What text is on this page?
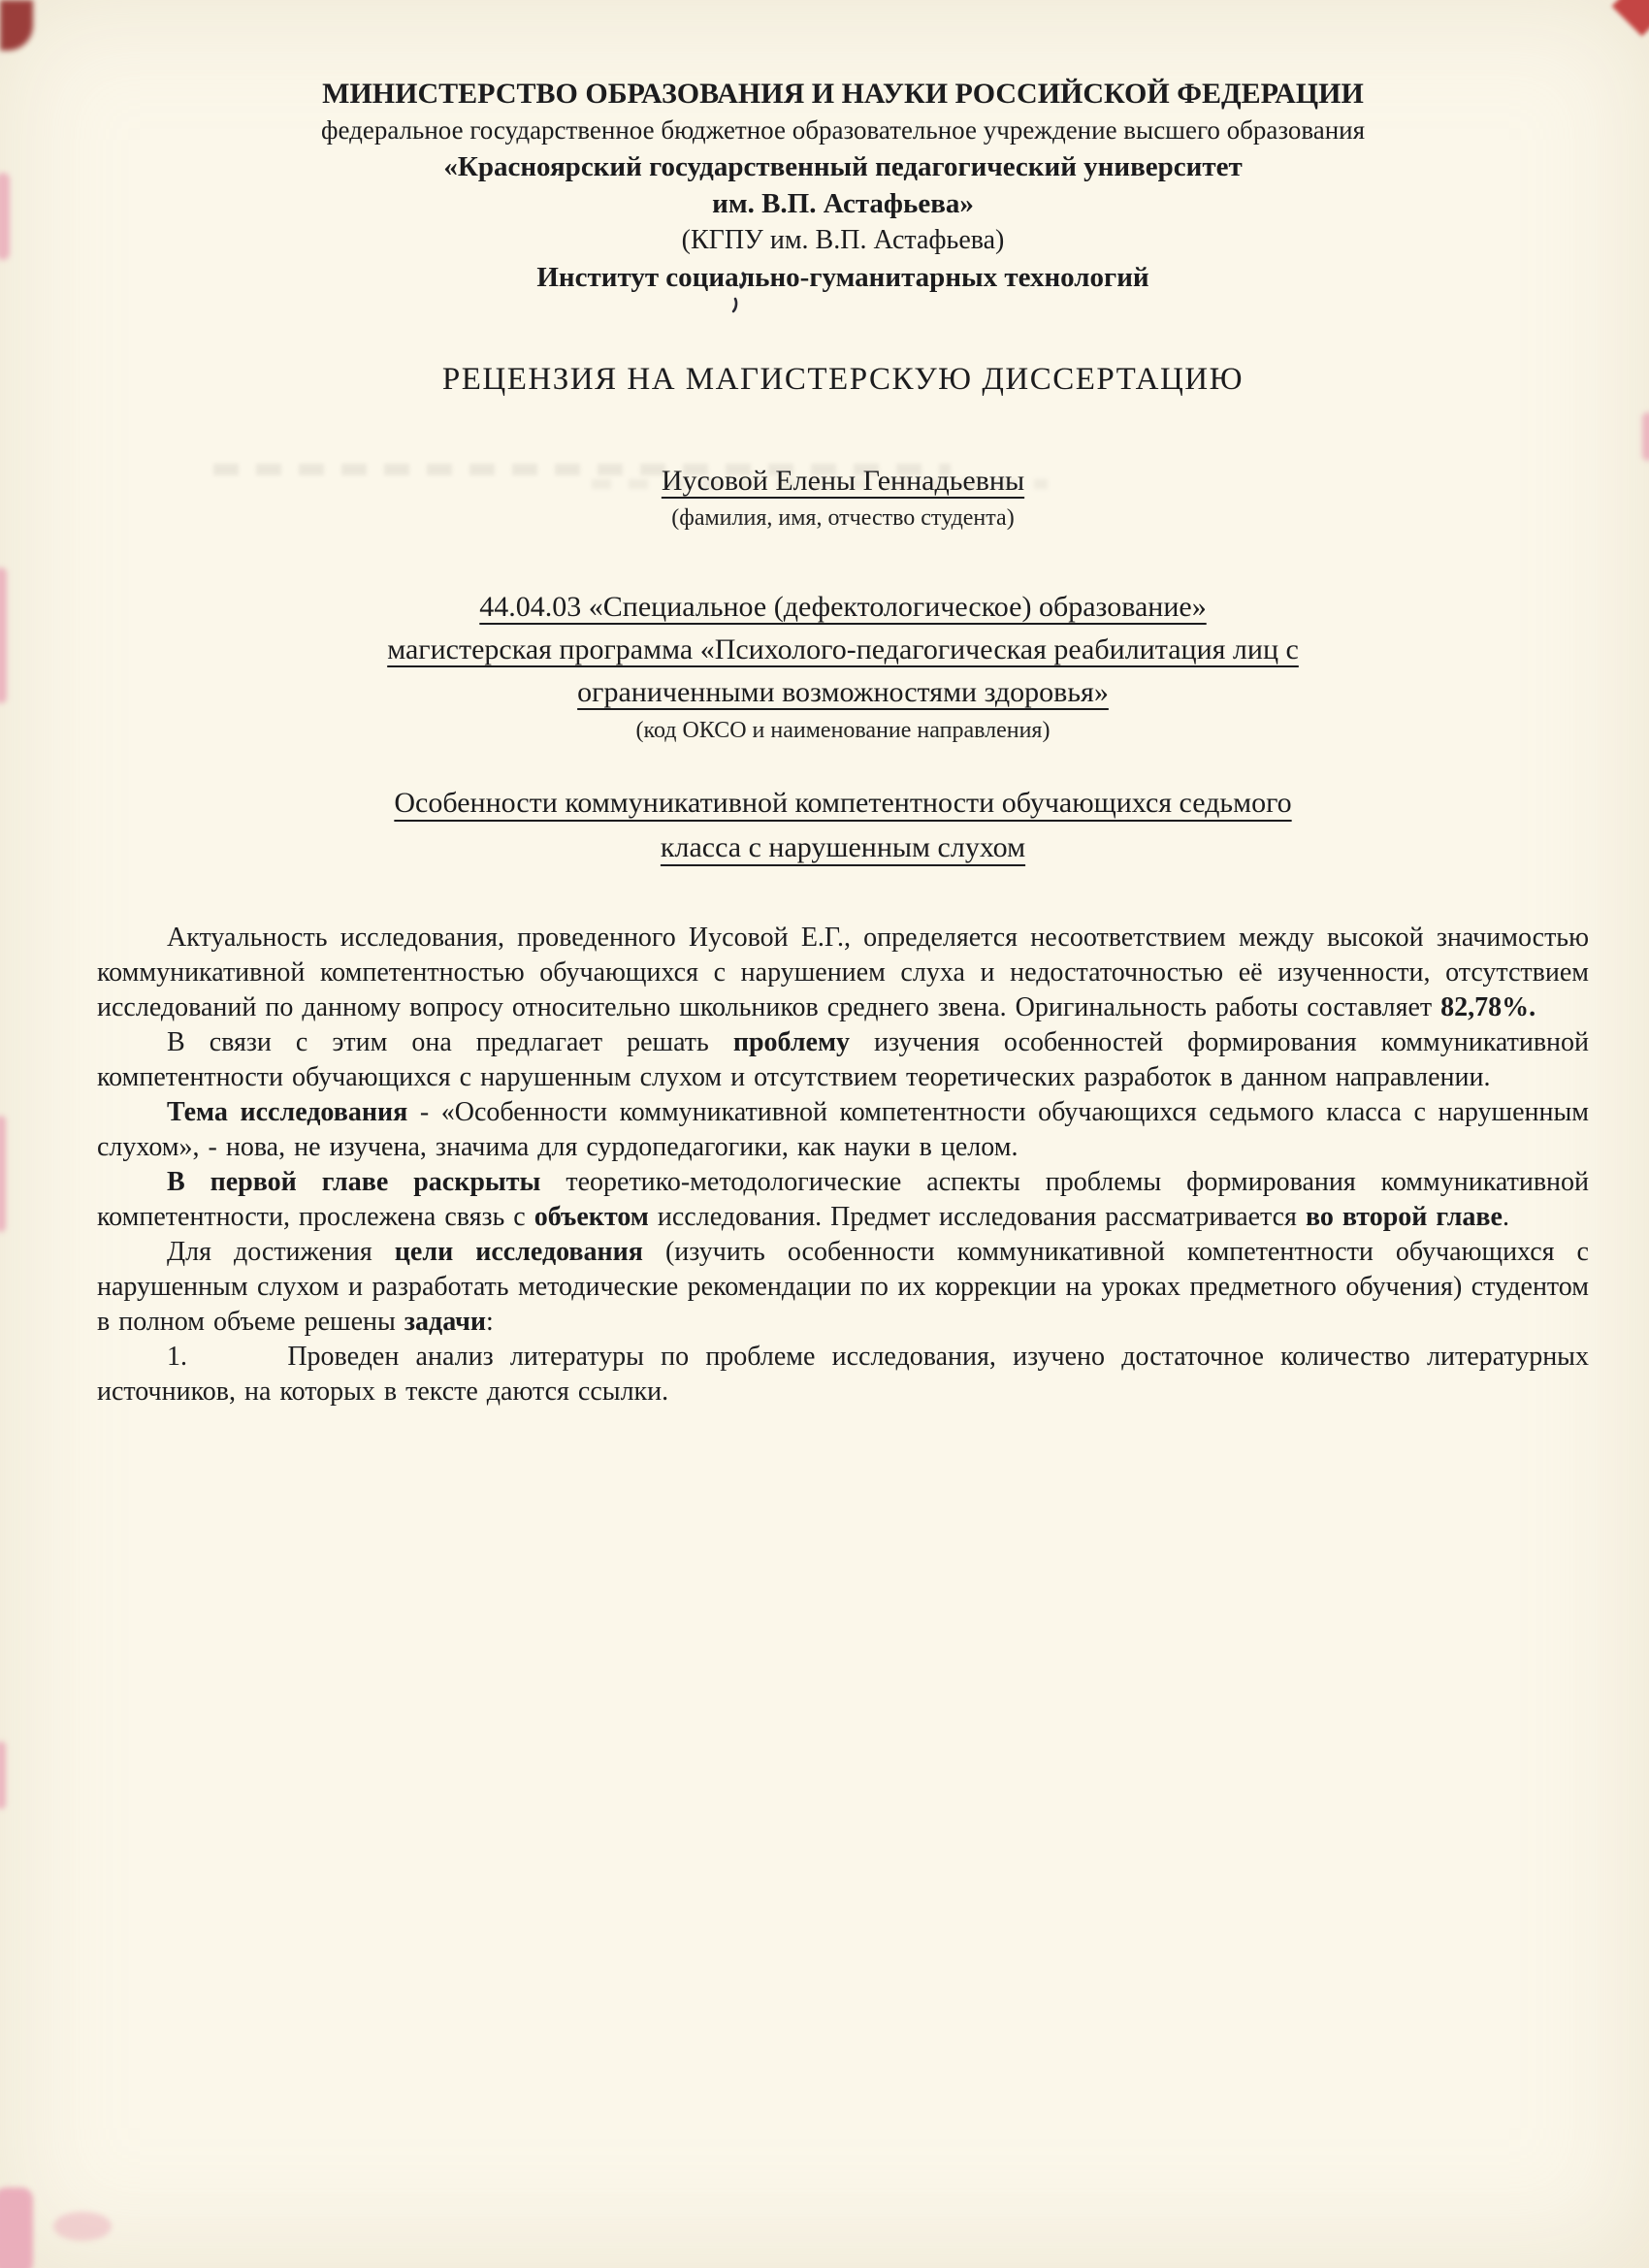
МИНИСТЕРСТВО ОБРАЗОВАНИЯ И НАУКИ РОССИЙСКОЙ ФЕДЕРАЦИИ
федеральное государственное бюджетное образовательное учреждение высшего образования
«Красноярский государственный педагогический университет
им. В.П. Астафьева»
(КГПУ им. В.П. Астафьева)
Институт социально-гуманитарных технологий
РЕЦЕНЗИЯ НА МАГИСТЕРСКУЮ ДИССЕРТАЦИЮ
Иусовой Елены Геннадьевны
(фамилия, имя, отчество студента)
44.04.03 «Специальное (дефектологическое) образование»
магистерская программа «Психолого-педагогическая реабилитация лиц с
ограниченными возможностями здоровья»
(код ОКСО и наименование направления)
Особенности коммуникативной компетентности обучающихся седьмого
класса с нарушенным слухом

Актуальность исследования, проведенного Иусовой Е.Г., определяется несоответствием между высокой значимостью коммуникативной компетентностью обучающихся с нарушением слуха и недостаточностью её изученности, отсутствием исследований по данному вопросу относительно школьников среднего звена. Оригинальность работы составляет 82,78%.

В связи с этим она предлагает решать проблему изучения особенностей формирования коммуникативной компетентности обучающихся с нарушенным слухом и отсутствием теоретических разработок в данном направлении.

Тема исследования - «Особенности коммуникативной компетентности обучающихся седьмого класса с нарушенным слухом», - нова, не изучена, значима для сурдопедагогики, как науки в целом.

В первой главе раскрыты теоретико-методологические аспекты проблемы формирования коммуникативной компетентности, прослежена связь с объектом исследования. Предмет исследования рассматривается во второй главе.

Для достижения цели исследования (изучить особенности коммуникативной компетентности обучающихся с нарушенным слухом и разработать методические рекомендации по их коррекции на уроках предметного обучения) студентом в полном объеме решены задачи:

1.      Проведен анализ литературы по проблеме исследования, изучено достаточное количество литературных источников, на которых в тексте даются ссылки.
